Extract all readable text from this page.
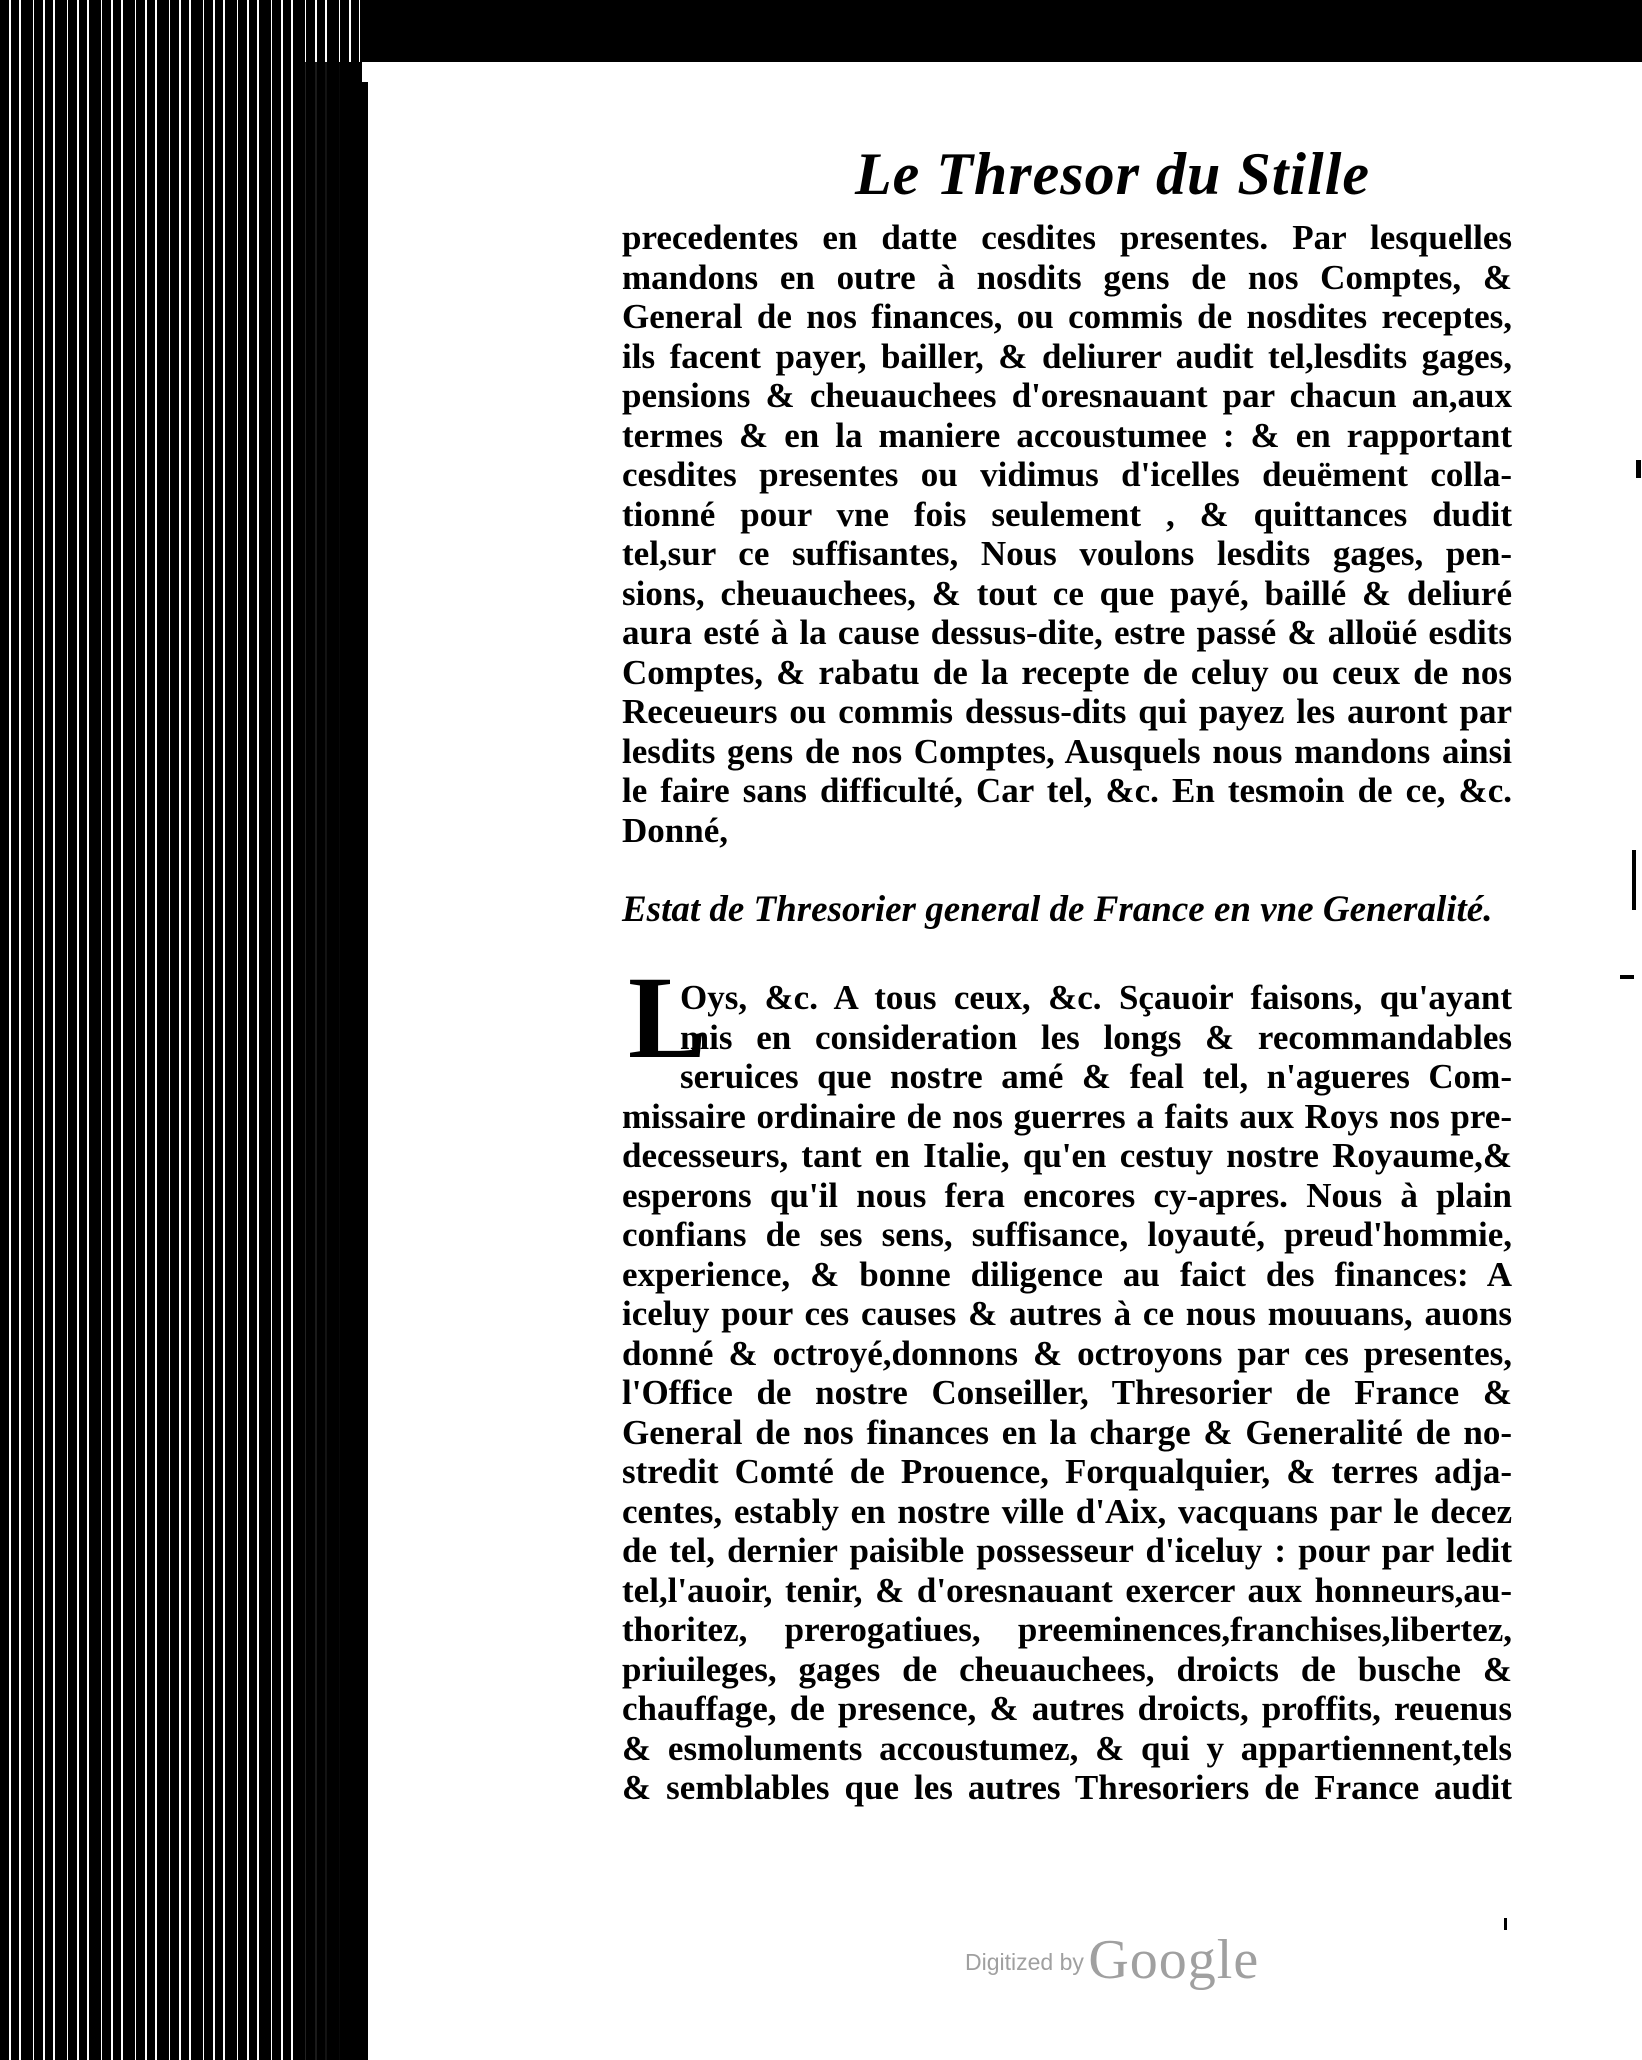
Le Thresor du Stille
precedentes en datte cesdites presentes. Par lesquelles
mandons en outre à nosdits gens de nos Comptes, &
General de nos finances, ou commis de nosdites receptes,
ils facent payer, bailler, & deliurer audit tel,lesdits gages,
pensions & cheuauchees d'oresnauant par chacun an,aux
termes & en la maniere accoustumee : & en rapportant
cesdites presentes ou vidimus d'icelles deuëment colla-
tionné pour vne fois seulement , & quittances dudit
tel,sur ce suffisantes, Nous voulons lesdits gages, pen-
sions, cheuauchees, & tout ce que payé, baillé & deliuré
aura esté à la cause dessus-dite, estre passé & alloüé esdits
Comptes, & rabatu de la recepte de celuy ou ceux de nos
Receueurs ou commis dessus-dits qui payez les auront par
lesdits gens de nos Comptes, Ausquels nous mandons ainsi
le faire sans difficulté, Car tel, &c. En tesmoin de ce, &c.
Donné,
Estat de Thresorier general de France en vne Generalité.
L
Oys, &c. A tous ceux, &c. Sçauoir faisons, qu'ayant
mis en consideration les longs & recommandables
seruices que nostre amé & feal tel, n'agueres Com-
missaire ordinaire de nos guerres a faits aux Roys nos pre-
decesseurs, tant en Italie, qu'en cestuy nostre Royaume,&
esperons qu'il nous fera encores cy-apres. Nous à plain
confians de ses sens, suffisance, loyauté, preud'hommie,
experience, & bonne diligence au faict des finances: A
iceluy pour ces causes & autres à ce nous mouuans, auons
donné & octroyé,donnons & octroyons par ces presentes,
l'Office de nostre Conseiller, Thresorier de France &
General de nos finances en la charge & Generalité de no-
stredit Comté de Prouence, Forqualquier, & terres adja-
centes, estably en nostre ville d'Aix, vacquans par le decez
de tel, dernier paisible possesseur d'iceluy : pour par ledit
tel,l'auoir, tenir, & d'oresnauant exercer aux honneurs,au-
thoritez, prerogatiues, preeminences,franchises,libertez,
priuileges, gages de cheuauchees, droicts de busche &
chauffage, de presence, & autres droicts, proffits, reuenus
& esmoluments accoustumez, & qui y appartiennent,tels
& semblables que les autres Thresoriers de France audit
Digitized by Google
